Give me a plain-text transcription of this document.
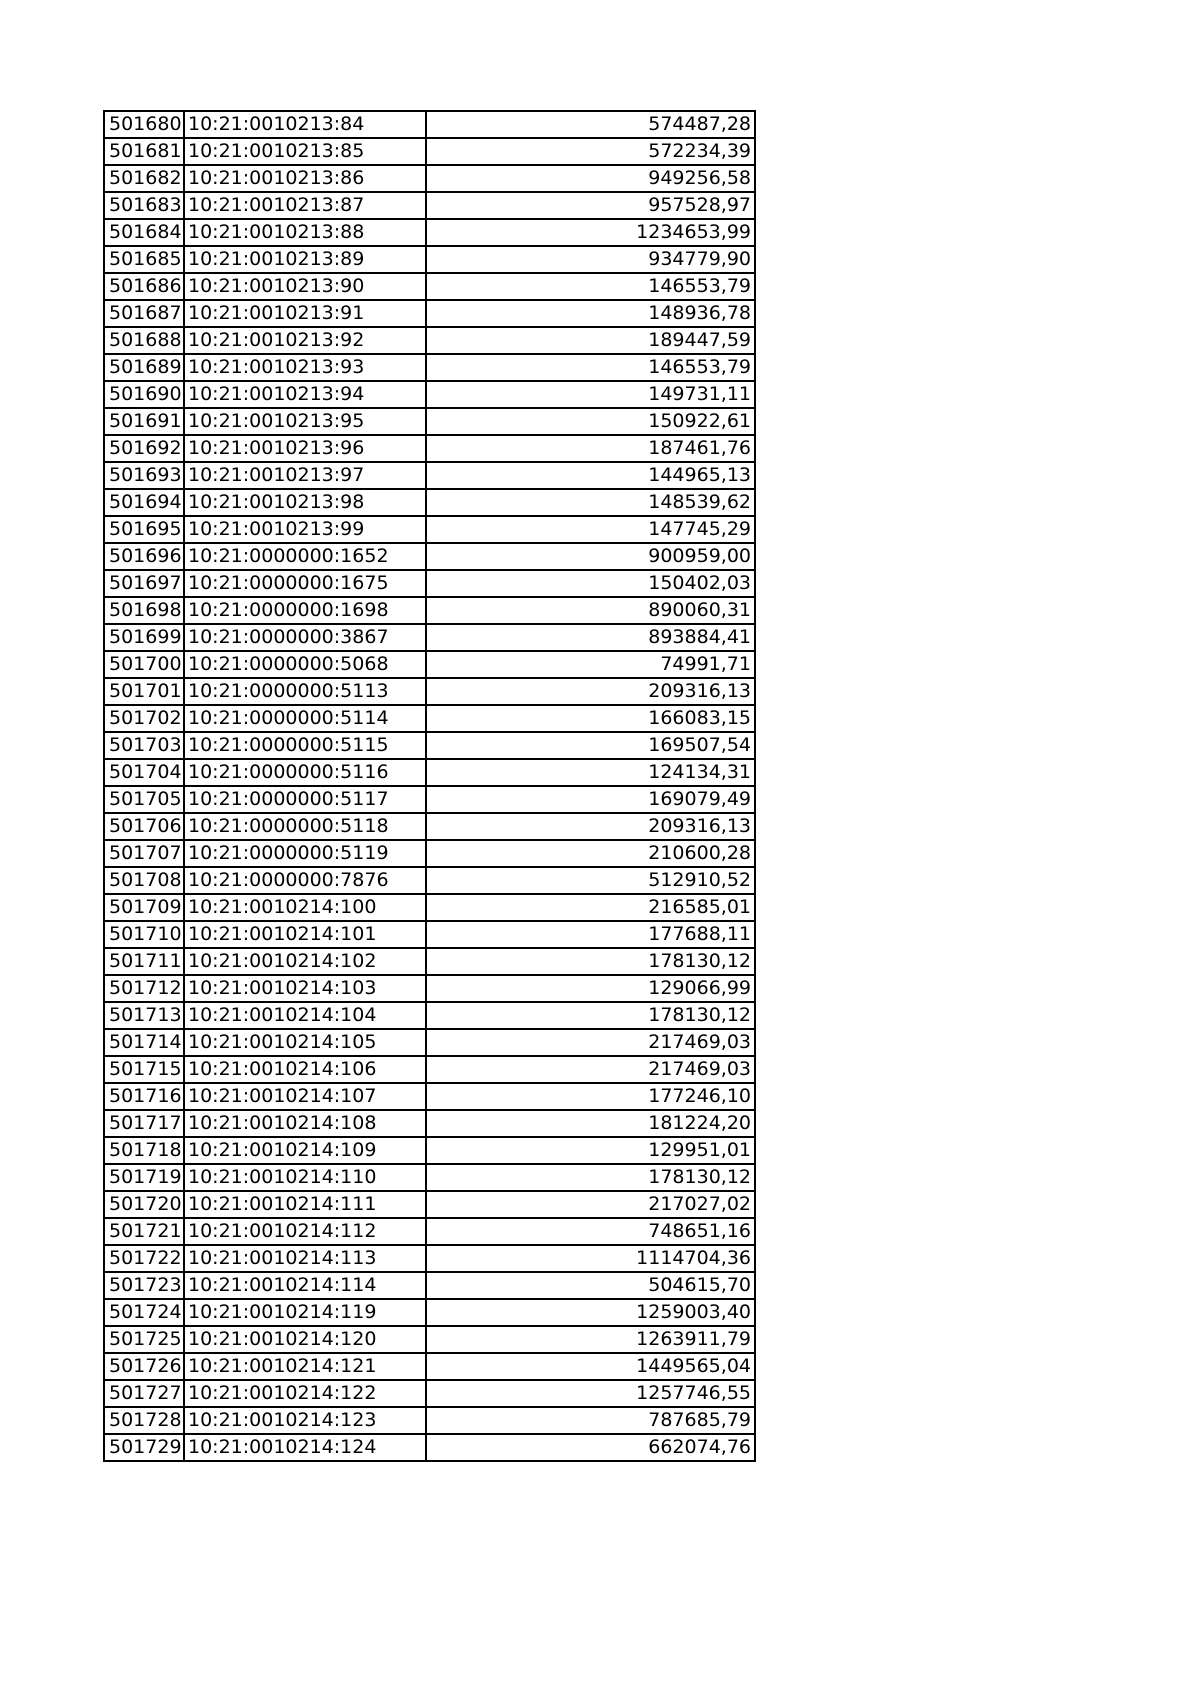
501680	10:21:0010213:84	574487,28
501681	10:21:0010213:85	572234,39
501682	10:21:0010213:86	949256,58
501683	10:21:0010213:87	957528,97
501684	10:21:0010213:88	1234653,99
501685	10:21:0010213:89	934779,90
501686	10:21:0010213:90	146553,79
501687	10:21:0010213:91	148936,78
501688	10:21:0010213:92	189447,59
501689	10:21:0010213:93	146553,79
501690	10:21:0010213:94	149731,11
501691	10:21:0010213:95	150922,61
501692	10:21:0010213:96	187461,76
501693	10:21:0010213:97	144965,13
501694	10:21:0010213:98	148539,62
501695	10:21:0010213:99	147745,29
501696	10:21:0000000:1652	900959,00
501697	10:21:0000000:1675	150402,03
501698	10:21:0000000:1698	890060,31
501699	10:21:0000000:3867	893884,41
501700	10:21:0000000:5068	74991,71
501701	10:21:0000000:5113	209316,13
501702	10:21:0000000:5114	166083,15
501703	10:21:0000000:5115	169507,54
501704	10:21:0000000:5116	124134,31
501705	10:21:0000000:5117	169079,49
501706	10:21:0000000:5118	209316,13
501707	10:21:0000000:5119	210600,28
501708	10:21:0000000:7876	512910,52
501709	10:21:0010214:100	216585,01
501710	10:21:0010214:101	177688,11
501711	10:21:0010214:102	178130,12
501712	10:21:0010214:103	129066,99
501713	10:21:0010214:104	178130,12
501714	10:21:0010214:105	217469,03
501715	10:21:0010214:106	217469,03
501716	10:21:0010214:107	177246,10
501717	10:21:0010214:108	181224,20
501718	10:21:0010214:109	129951,01
501719	10:21:0010214:110	178130,12
501720	10:21:0010214:111	217027,02
501721	10:21:0010214:112	748651,16
501722	10:21:0010214:113	1114704,36
501723	10:21:0010214:114	504615,70
501724	10:21:0010214:119	1259003,40
501725	10:21:0010214:120	1263911,79
501726	10:21:0010214:121	1449565,04
501727	10:21:0010214:122	1257746,55
501728	10:21:0010214:123	787685,79
501729	10:21:0010214:124	662074,76
